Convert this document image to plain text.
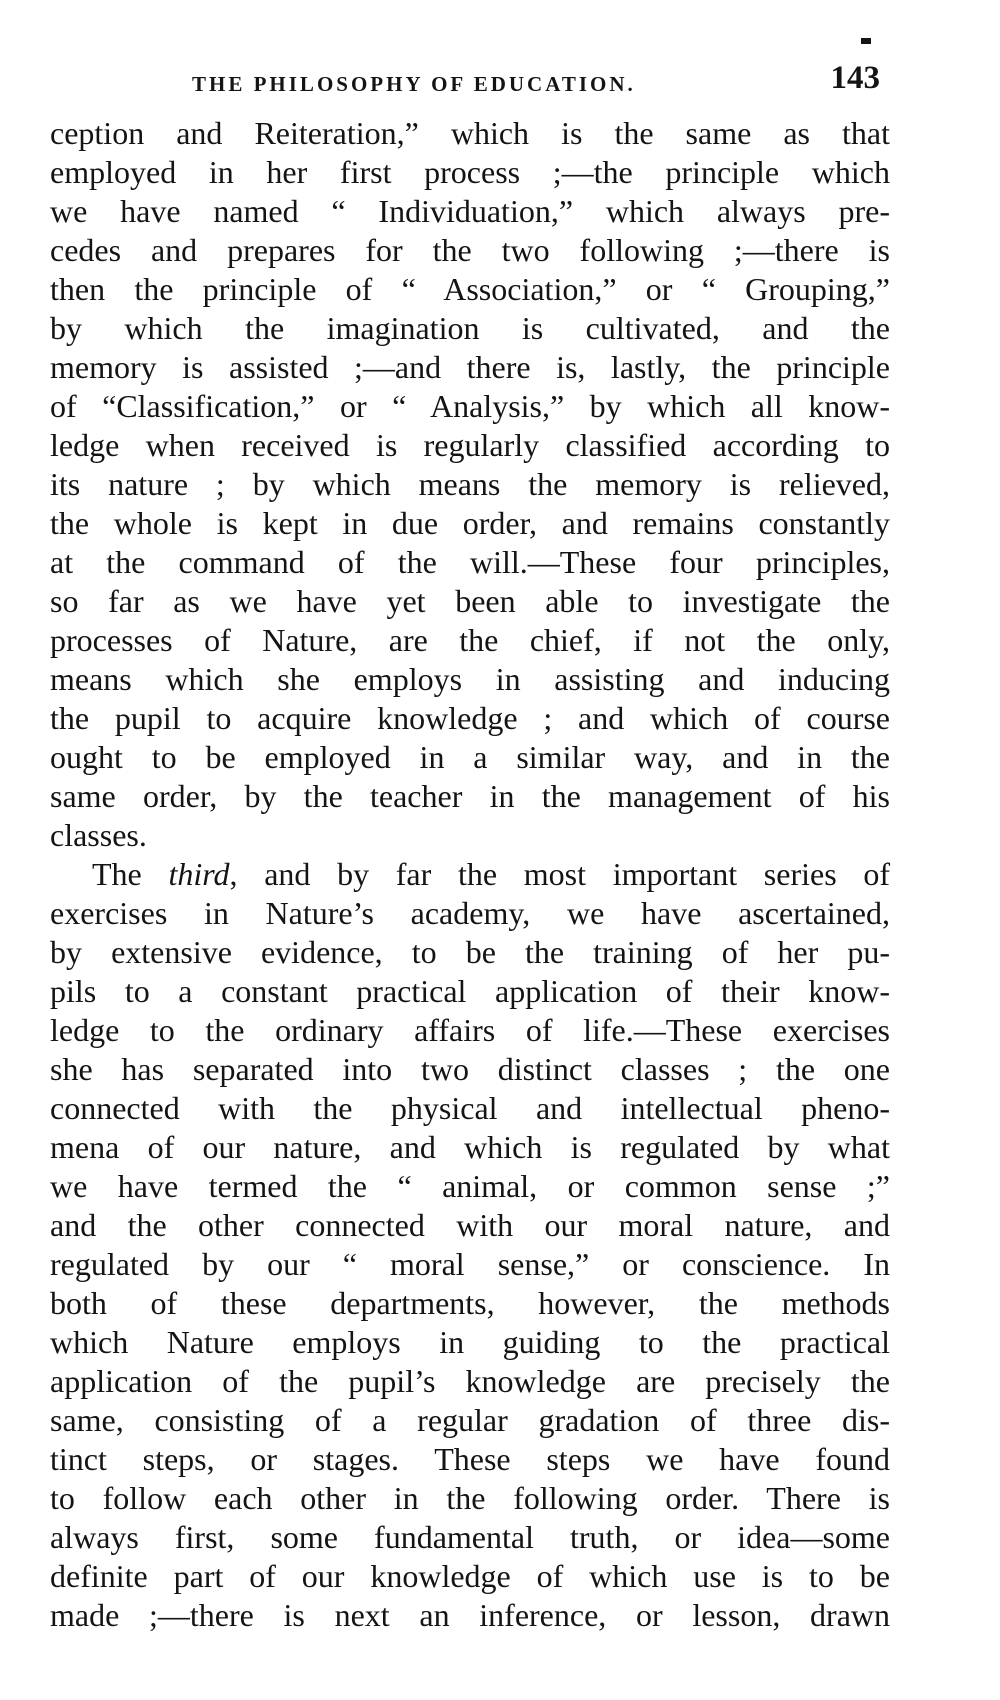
THE PHILOSOPHY OF EDUCATION.	143
ception and Reiteration,” which is the same as that
employed in her first process ;—the principle which
we have named “ Individuation,” which always pre-
cedes and prepares for the two following ;—there is
then the principle of “ Association,” or “ Grouping,”
by which the imagination is cultivated, and the
memory is assisted ;—and there is, lastly, the principle
of “Classification,” or “ Analysis,” by which all know-
ledge when received is regularly classified according to
its nature ; by which means the memory is relieved,
the whole is kept in due order, and remains constantly
at the command of the will.—These four principles,
so far as we have yet been able to investigate the
processes of Nature, are the chief, if not the only,
means which she employs in assisting and inducing
the pupil to acquire knowledge ; and which of course
ought to be employed in a similar way, and in the
same order, by the teacher in the management of his
classes.
The third, and by far the most important series of
exercises in Nature’s academy, we have ascertained,
by extensive evidence, to be the training of her pu-
pils to a constant practical application of their know-
ledge to the ordinary affairs of life.—These exercises
she has separated into two distinct classes ; the one
connected with the physical and intellectual pheno-
mena of our nature, and which is regulated by what
we have termed the “ animal, or common sense ;”
and the other connected with our moral nature, and
regulated by our “ moral sense,” or conscience. In
both of these departments, however, the methods
which Nature employs in guiding to the practical
application of the pupil’s knowledge are precisely the
same, consisting of a regular gradation of three dis-
tinct steps, or stages. These steps we have found
to follow each other in the following order. There is
always first, some fundamental truth, or idea—some
definite part of our knowledge of which use is to be
made ;—there is next an inference, or lesson, drawn
